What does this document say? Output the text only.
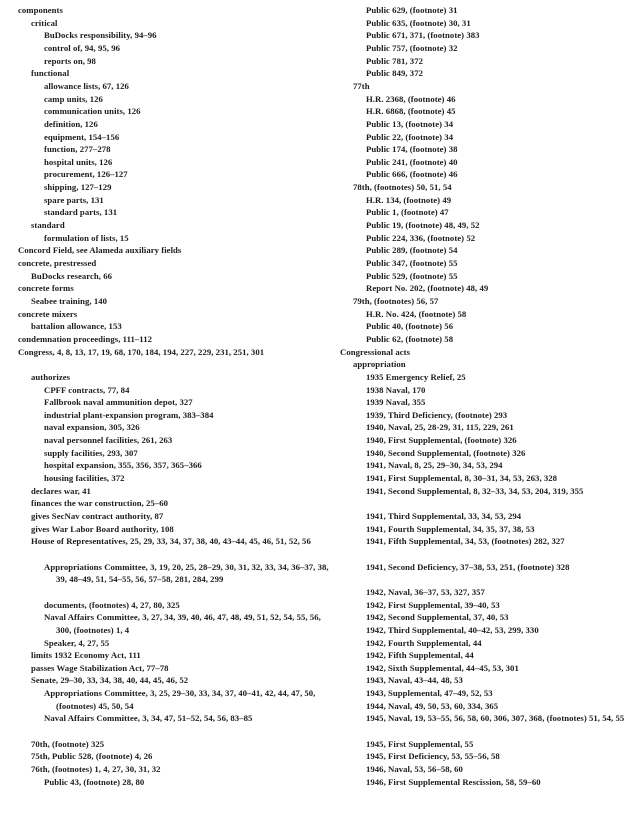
components
critical
BuDocks responsibility, 94–96
control of, 94, 95, 96
reports on, 98
functional
allowance lists, 67, 126
camp units, 126
communication units, 126
definition, 126
equipment, 154–156
function, 277–278
hospital units, 126
procurement, 126–127
shipping, 127–129
spare parts, 131
standard parts, 131
standard
formulation of lists, 15
Concord Field, see Alameda auxiliary fields
concrete, prestressed
BuDocks research, 66
concrete forms
Seabee training, 140
concrete mixers
battalion allowance, 153
condemnation proceedings, 111–112
Congress, 4, 8, 13, 17, 19, 68, 170, 184, 194, 227, 229, 231, 251, 301
authorizes
CPFF contracts, 77, 84
Fallbrook naval ammunition depot, 327
industrial plant-expansion program, 383–384
naval expansion, 305, 326
naval personnel facilities, 261, 263
supply facilities, 293, 307
hospital expansion, 355, 356, 357, 365–366
housing facilities, 372
declares war, 41
finances the war construction, 25–60
gives SecNav contract authority, 87
gives War Labor Board authority, 108
House of Representatives, 25, 29, 33, 34, 37, 38, 40, 43–44, 45, 46, 51, 52, 56
Appropriations Committee, 3, 19, 20, 25, 28–29, 30, 31, 32, 33, 34, 36–37, 38, 39, 48–49, 51, 54–55, 56, 57–58, 281, 284, 299
documents, (footnotes) 4, 27, 80, 325
Naval Affairs Committee, 3, 27, 34, 39, 40, 46, 47, 48, 49, 51, 52, 54, 55, 56, 300, (footnotes) 1, 4
Speaker, 4, 27, 55
limits 1932 Economy Act, 111
passes Wage Stabilization Act, 77–78
Senate, 29–30, 33, 34, 38, 40, 44, 45, 46, 52
Appropriations Committee, 3, 25, 29–30, 33, 34, 37, 40–41, 42, 44, 47, 50, (footnotes) 45, 50, 54
Naval Affairs Committee, 3, 34, 47, 51–52, 54, 56, 83–85
70th, (footnote) 325
75th, Public 528, (footnote) 4, 26
76th, (footnotes) 1, 4, 27, 30, 31, 32
Public 43, (footnote) 28, 80
Public 629, (footnote) 31
Public 635, (footnote) 30, 31
Public 671, 371, (footnote) 383
Public 757, (footnote) 32
Public 781, 372
Public 849, 372
77th
H.R. 2368, (footnote) 46
H.R. 6868, (footnote) 45
Public 13, (footnote) 34
Public 22, (footnote) 34
Public 174, (footnote) 38
Public 241, (footnote) 40
Public 666, (footnote) 46
78th, (footnotes) 50, 51, 54
H.R. 134, (footnote) 49
Public 1, (footnote) 47
Public 19, (footnote) 48, 49, 52
Public 224, 336, (footnote) 52
Public 289, (footnote) 54
Public 347, (footnote) 55
Public 529, (footnote) 55
Report No. 202, (footnote) 48, 49
79th, (footnotes) 56, 57
H.R. No. 424, (footnote) 58
Public 40, (footnote) 56
Public 62, (footnote) 58
Congressional acts
appropriation
1935 Emergency Relief, 25
1938 Naval, 170
1939 Naval, 355
1939, Third Deficiency, (footnote) 293
1940, Naval, 25, 28-29, 31, 115, 229, 261
1940, First Supplemental, (footnote) 326
1940, Second Supplemental, (footnote) 326
1941, Naval, 8, 25, 29–30, 34, 53, 294
1941, First Supplemental, 8, 30–31, 34, 53, 263, 328
1941, Second Supplemental, 8, 32–33, 34, 53, 204, 319, 355
1941, Third Supplemental, 33, 34, 53, 294
1941, Fourth Supplemental, 34, 35, 37, 38, 53
1941, Fifth Supplemental, 34, 53, (footnotes) 282, 327
1941, Second Deficiency, 37–38, 53, 251, (footnote) 328
1942, Naval, 36–37, 53, 327, 357
1942, First Supplemental, 39–40, 53
1942, Second Supplemental, 37, 40, 53
1942, Third Supplemental, 40–42, 53, 299, 330
1942, Fourth Supplemental, 44
1942, Fifth Supplemental, 44
1942, Sixth Supplemental, 44–45, 53, 301
1943, Naval, 43–44, 48, 53
1943, Supplemental, 47–49, 52, 53
1944, Naval, 49, 50, 53, 60, 334, 365
1945, Naval, 19, 53–55, 56, 58, 60, 306, 307, 368, (footnotes) 51, 54, 55
1945, First Supplemental, 55
1945, First Deficiency, 53, 55–56, 58
1946, Naval, 53, 56–58, 60
1946, First Supplemental Rescission, 58, 59–60
